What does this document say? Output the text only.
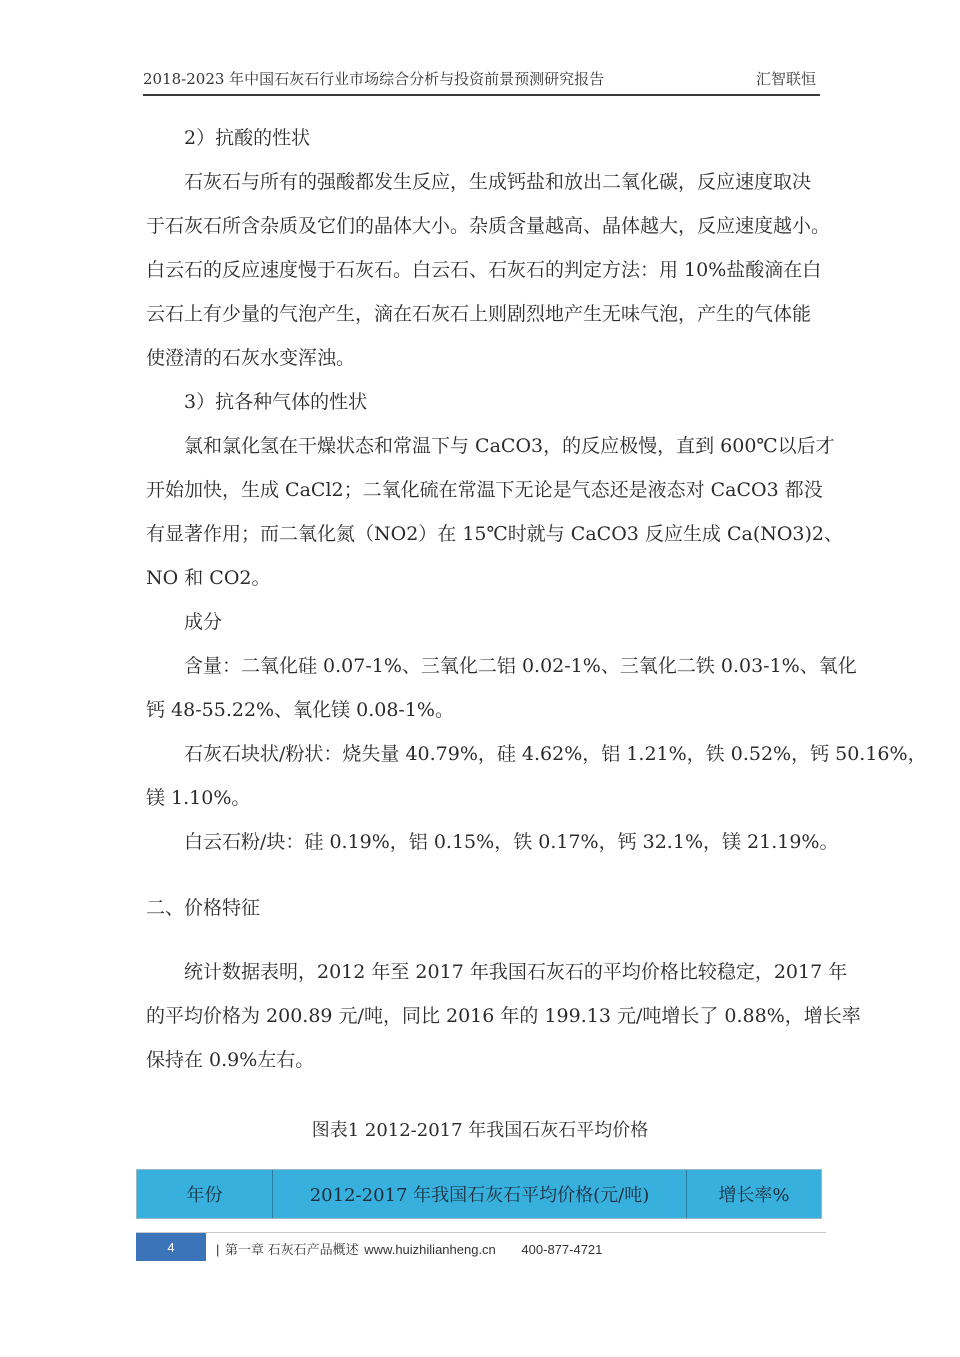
2018-2023 年中国石灰石行业市场综合分析与投资前景预测研究报告	汇智联恒

2）抗酸的性状

石灰石与所有的强酸都发生反应，生成钙盐和放出二氧化碳，反应速度取决

于石灰石所含杂质及它们的晶体大小。杂质含量越高、晶体越大，反应速度越小。

白云石的反应速度慢于石灰石。白云石、石灰石的判定方法：用 10%盐酸滴在白

云石上有少量的气泡产生，滴在石灰石上则剧烈地产生无味气泡，产生的气体能

使澄清的石灰水变浑浊。

3）抗各种气体的性状

氯和氯化氢在干燥状态和常温下与 CaCO3，的反应极慢，直到 600℃以后才

开始加快，生成 CaCl2；二氧化硫在常温下无论是气态还是液态对 CaCO3 都没

有显著作用；而二氧化氮（NO2）在 15℃时就与 CaCO3 反应生成 Ca(NO3)2、

NO 和 CO2。

成分

含量：二氧化硅 0.07-1%、三氧化二铝 0.02-1%、三氧化二铁 0.03-1%、氧化

钙 48-55.22%、氧化镁 0.08-1%。

石灰石块状/粉状：烧失量 40.79%，硅 4.62%，铝 1.21%，铁 0.52%，钙 50.16%，

镁 1.10%。

白云石粉/块：硅 0.19%，铝 0.15%，铁 0.17%，钙 32.1%，镁 21.19%。

二、价格特征

统计数据表明，2012 年至 2017 年我国石灰石的平均价格比较稳定，2017 年

的平均价格为 200.89 元/吨，同比 2016 年的 199.13 元/吨增长了 0.88%，增长率

保持在 0.9%左右。

图表1 2012-2017 年我国石灰石平均价格
年份	2012-2017 年我国石灰石平均价格(元/吨)	增长率%
4	| 第一章 石灰石产品概述 www.huizhilianheng.cn 400-877-4721
